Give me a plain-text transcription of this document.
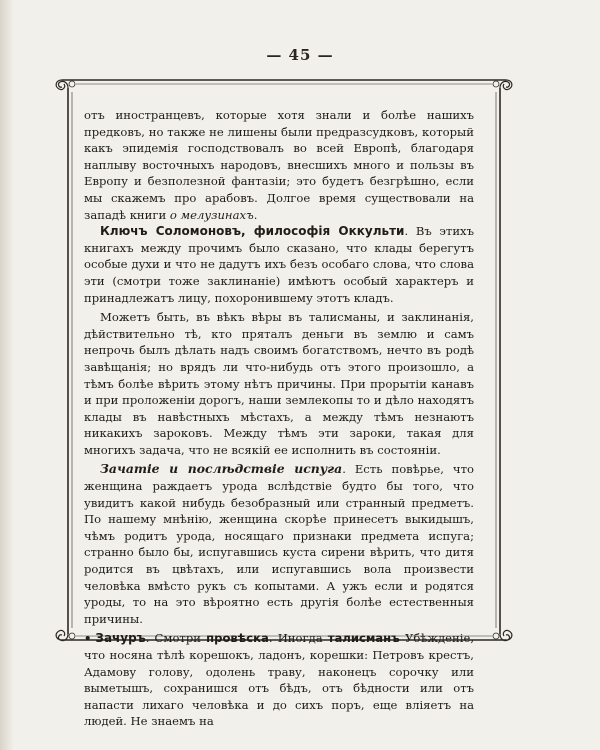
— 45 —

отъ иностранцевъ, которые хотя знали и болѣе нашихъ предковъ, но также не лишены были предразсудковъ, который какъ эпидемія господствовалъ во всей Европѣ, благодаря наплыву восточныхъ народовъ, внесшихъ много и пользы въ Европу и безполезной фантазіи; это будетъ безгрѣшно, если мы скажемъ про арабовъ. Долгое время существовали на западѣ книги о мелузинахъ.

Ключъ Соломоновъ, философія Оккульти. Въ этихъ книгахъ между прочимъ было сказано, что клады берегутъ особые духи и что не дадутъ ихъ безъ особаго слова, что слова эти (смотри тоже заклинаніе) имѣютъ особый характеръ и принадлежатъ лицу, похоронившему этотъ кладъ.

Можетъ быть, въ вѣкъ вѣры въ талисманы, и заклинанія, дѣйствительно тѣ, кто пряталъ деньги въ землю и самъ непрочь былъ дѣлать надъ своимъ богатствомъ, нечто въ родѣ завѣщанія; но врядъ ли что-нибудь отъ этого произошло, а тѣмъ болѣе вѣрить этому нѣтъ причины. При прорытіи канавъ и при проложеніи дорогъ, наши землекопы то и дѣло находятъ клады въ навѣстныхъ мѣстахъ, а между тѣмъ незнаютъ никакихъ зароковъ. Между тѣмъ эти зароки, такая для многихъ задача, что не всякій ее исполнить въ состояніи.

Зачатіе и послѣдствіе испуга. Есть повѣрье, что женщина раждаетъ урода вслѣдствіе будто бы того, что увидитъ какой нибудь безобразный или странный предметъ. По нашему мнѣнію, женщина скорѣе принесетъ выкидышъ, чѣмъ родитъ урода, носящаго признаки предмета испуга; странно было бы, испугавшись куста сирени вѣрить, что дитя родится въ цвѣтахъ, или испугавшись вола произвести человѣка вмѣсто рукъ съ копытами. А ужъ если и родятся уроды, то на это вѣроятно есть другія болѣе естественныя причины.

• Зачуръ. Смотри провѣска. Иногда талисманъ Убѣжденіе, что носяна тѣлѣ корешокъ, ладонъ, корешки: Петровъ крестъ, Адамову голову, одолень траву, наконецъ сорочку или выметышъ, сохранишся отъ бѣдъ, отъ бѣдности или отъ напасти лихаго человѣка и до сихъ поръ, еще вліяетъ на людей. Не знаемъ на
